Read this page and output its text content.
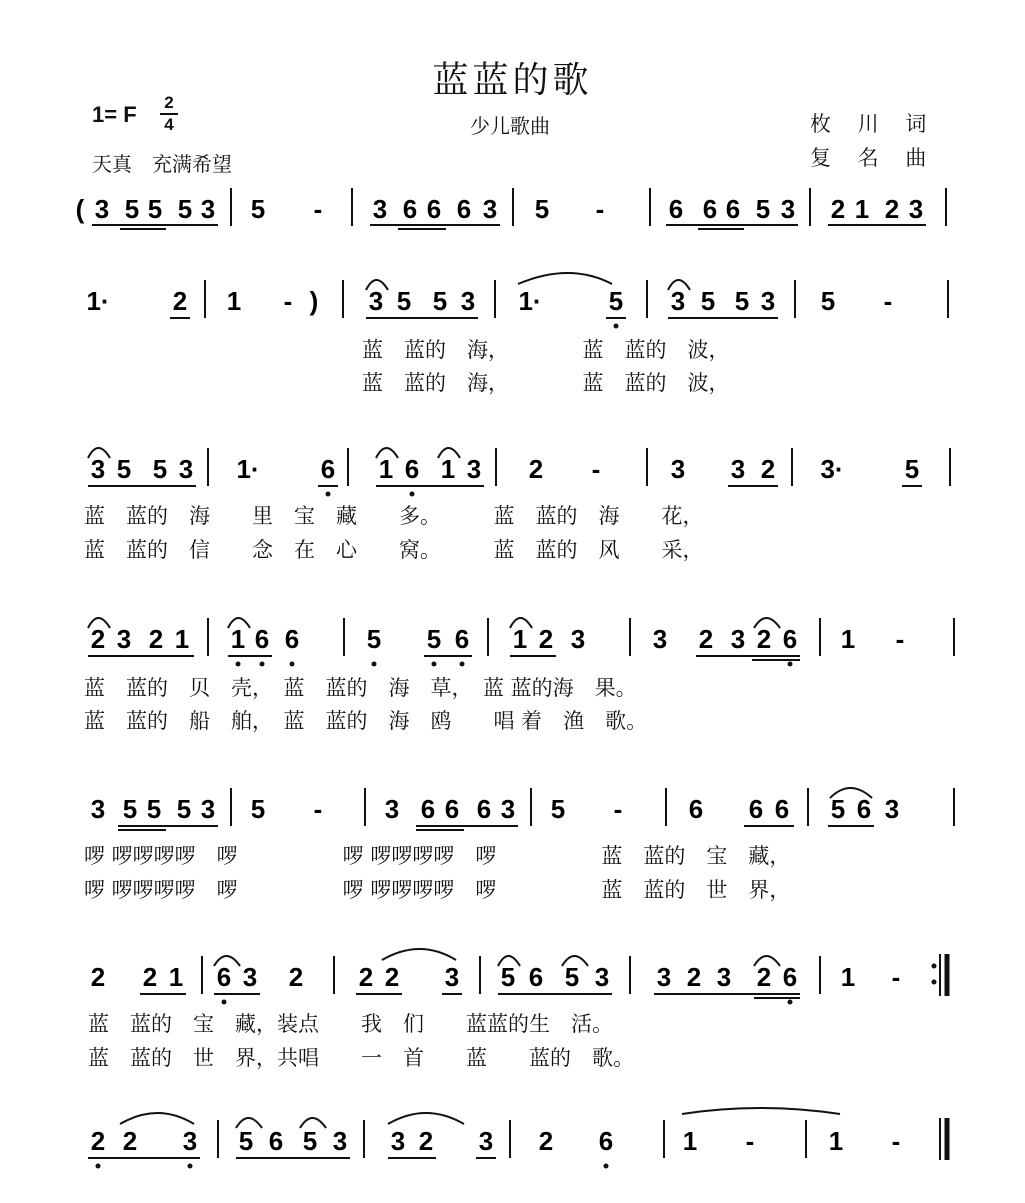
蓝蓝的歌
1= F	2
4	少儿歌曲	枚 川 词
复 名 曲
天真　充满希望
( 3 5 5 5 3 5 - 3 6 6 6 3 5 - 6 6 6 5 3 2 1 2 3
1· 2 1 - ) 3 5 5 3 1·	5 3 5 5 3 5 -
3 5 5 3 1· 6 1 6 1 3 2 -	3 3 2 3· 5
2 3 2 1 1 6 6	5 5 6 1 2 3	3 2 3 2 6 1 -
3 5 5 5 3 5 - 3 6 6 6 3 5 -	6 6 6 5 6 3
2 2 1 6 3 2 2 2 3 5 6 5 3 3 2 3 2 6 1 -
2 2 3 5 6 5 3 3 2 3 2 6	1 -	1 -
蓝　蓝的　海，　　　　蓝　蓝的　波，
蓝　蓝的　海，　　　　蓝　蓝的　波，
蓝　蓝的　海　　里　宝　藏　　多。　　　蓝　蓝的　海　　花，
蓝　蓝的　信　　念　在　心　　窝。　　　蓝　蓝的　风　　采，
蓝　蓝的　贝　壳，　蓝　蓝的　海　草，　蓝 蓝的海　果。
蓝　蓝的　船　舶，　蓝　蓝的　海　鸥　　唱 着　渔　歌。
啰 啰啰啰啰　啰　　　　　啰 啰啰啰啰　啰　　　　　蓝　蓝的　宝　藏，
啰 啰啰啰啰　啰　　　　　啰 啰啰啰啰　啰　　　　　蓝　蓝的　世　界，
蓝　蓝的　宝　藏，装点　　我　们　　蓝蓝的生　活。
蓝　蓝的　世　界，共唱　　一　首　　蓝　　蓝的　歌。
